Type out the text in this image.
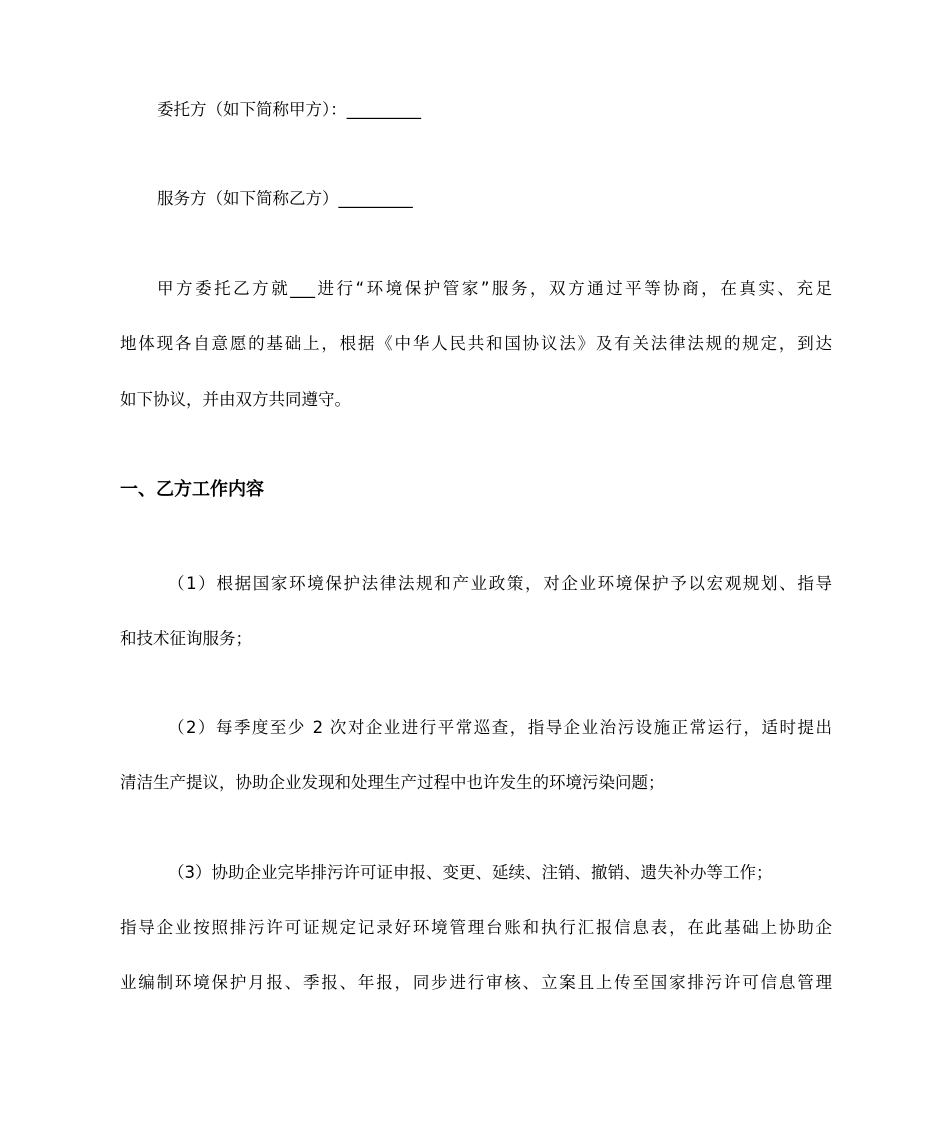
委托方（如下简称甲方）：_________
服务方（如下简称乙方）_________
甲方委托乙方就___进行“环境保护管家”服务，双方通过平等协商，在真实、充足
地体现各自意愿的基础上，根据《中华人民共和国协议法》及有关法律法规的规定，到达
如下协议，并由双方共同遵守。
一、乙方工作内容
（1）根据国家环境保护法律法规和产业政策，对企业环境保护予以宏观规划、指导
和技术征询服务；
（2）每季度至少 2 次对企业进行平常巡查，指导企业治污设施正常运行，适时提出
清洁生产提议，协助企业发现和处理生产过程中也许发生的环境污染问题；
（3）协助企业完毕排污许可证申报、变更、延续、注销、撤销、遗失补办等工作；
指导企业按照排污许可证规定记录好环境管理台账和执行汇报信息表，在此基础上协助企
业编制环境保护月报、季报、年报，同步进行审核、立案且上传至国家排污许可信息管理
